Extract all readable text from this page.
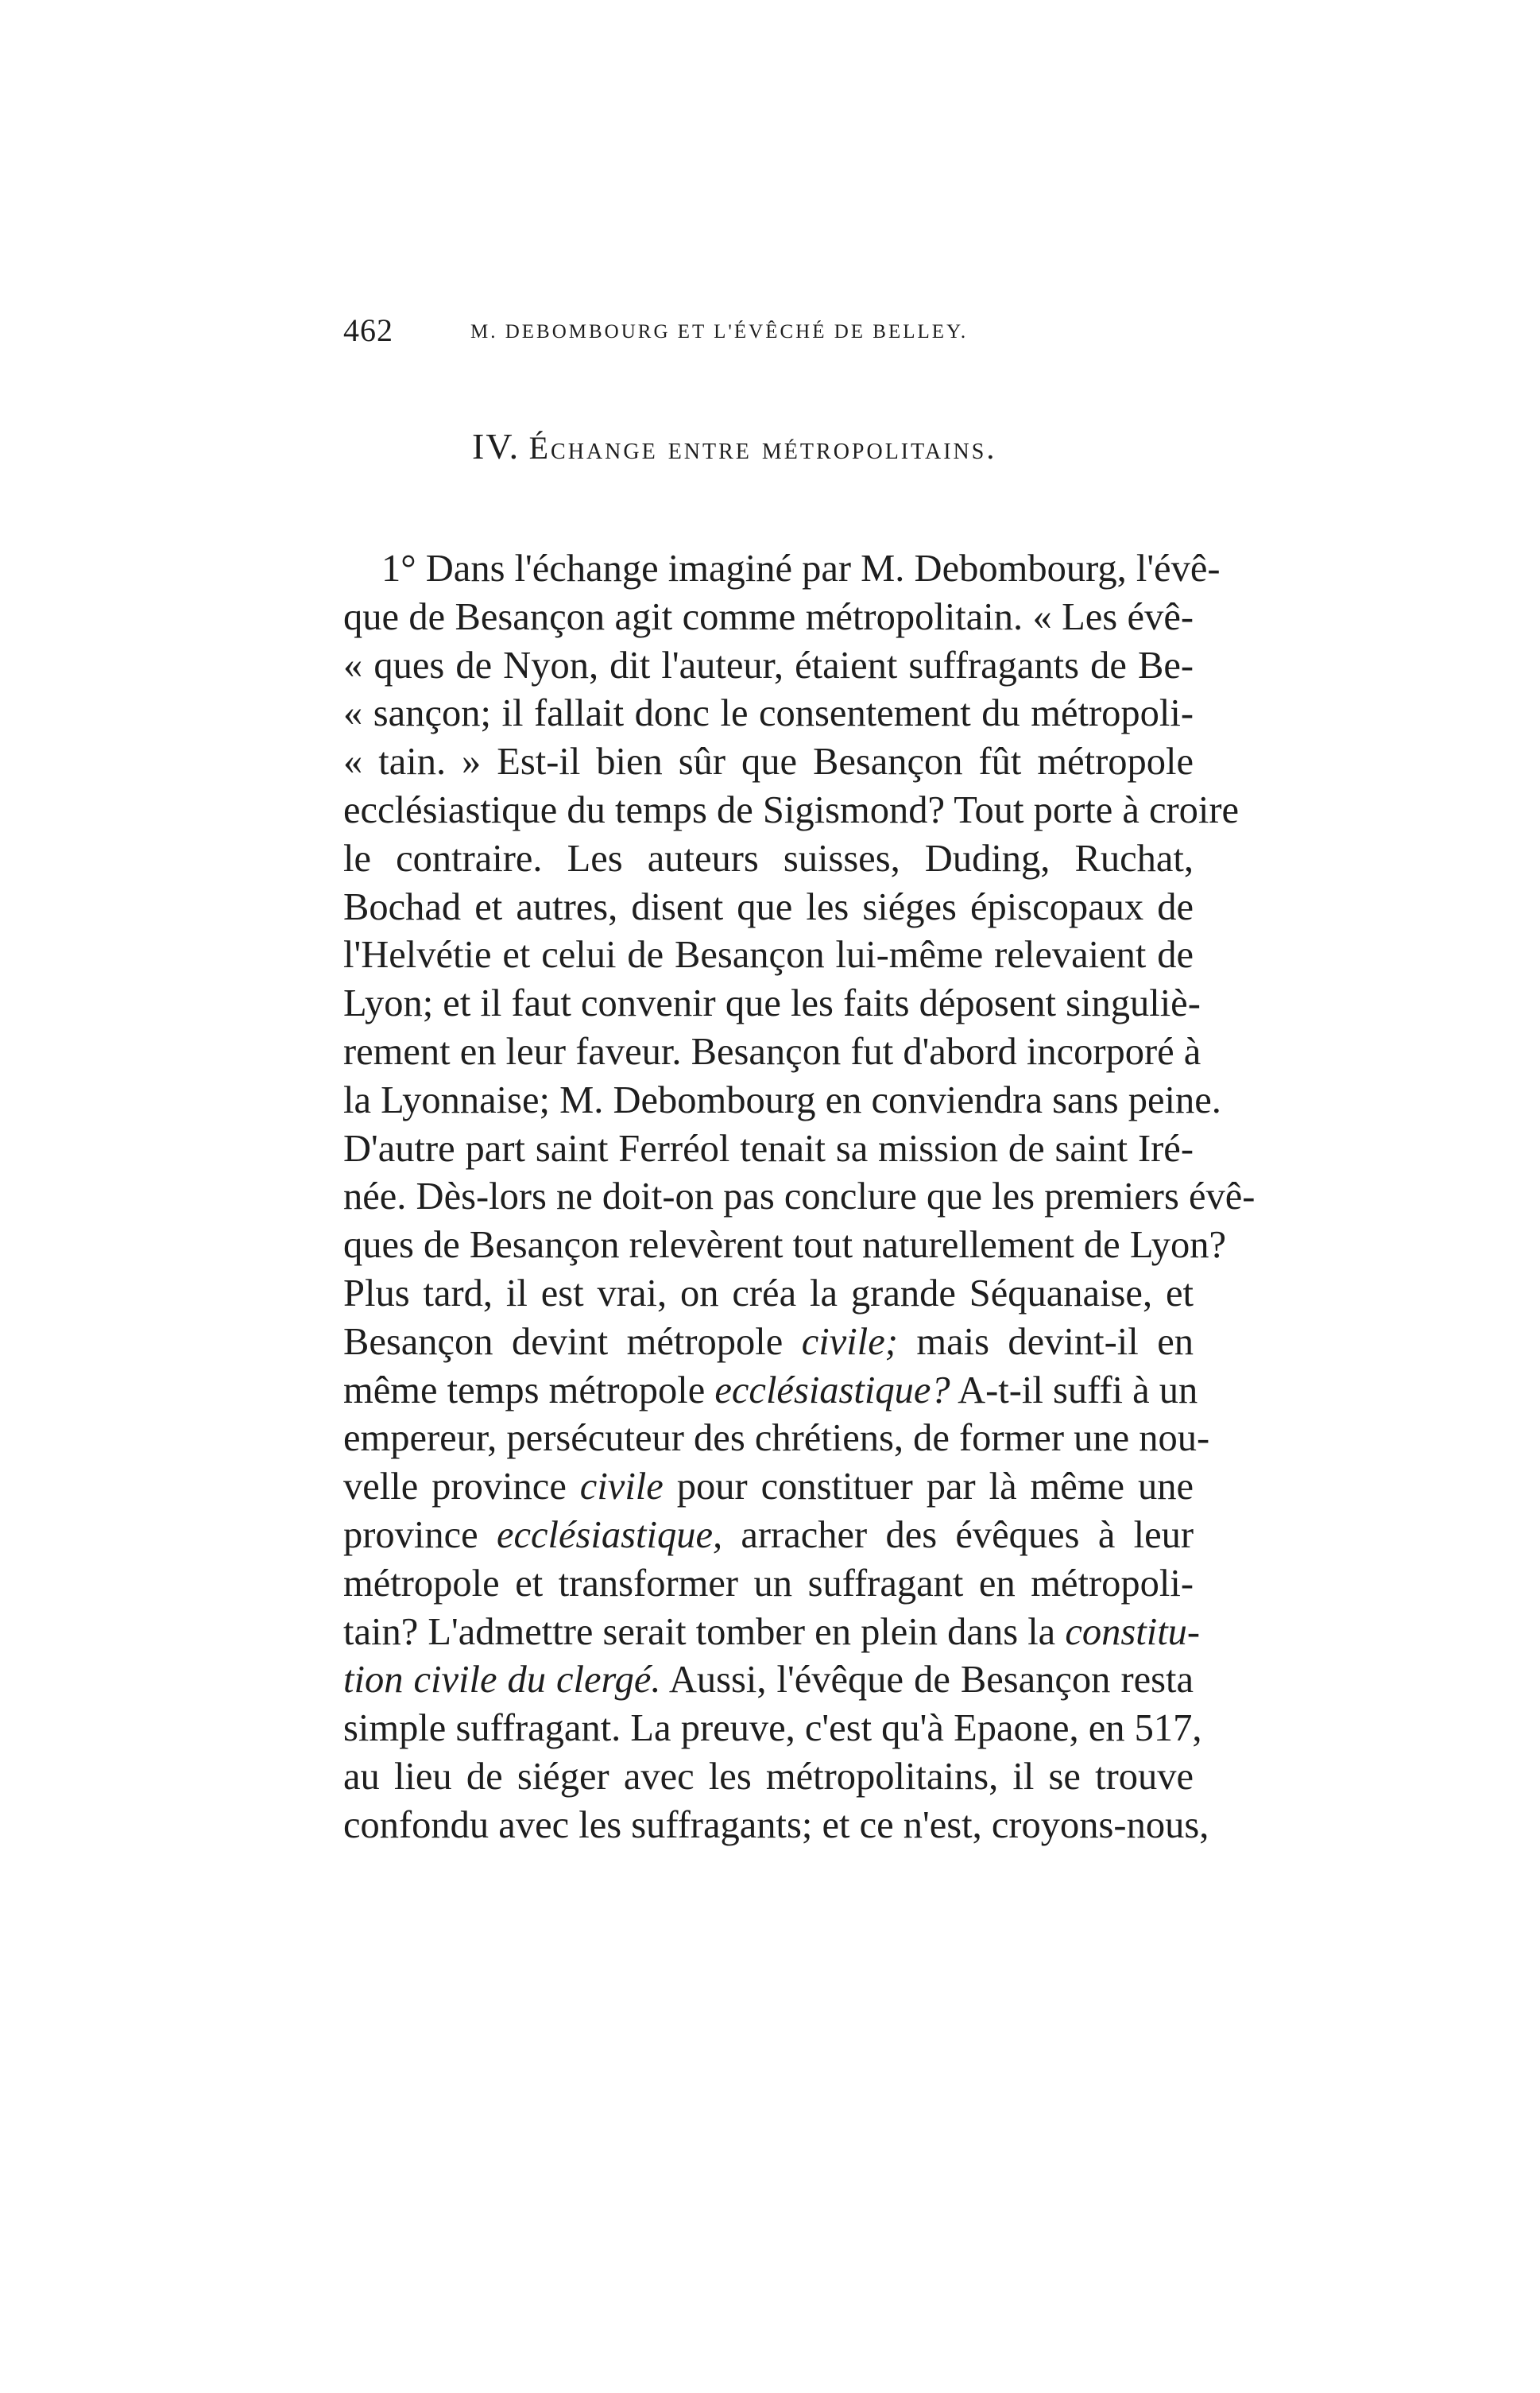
462	M. DEBOMBOURG ET L'ÉVÊCHÉ DE BELLEY.
IV. Échange entre métropolitains.
1° Dans l'échange imaginé par M. Debombourg, l'évê-
que de Besançon agit comme métropolitain. « Les évê-
« ques de Nyon, dit l'auteur, étaient suffragants de Be-
« sançon; il fallait donc le consentement du métropoli-
« tain. » Est-il bien sûr que Besançon fût métropole
ecclésiastique du temps de Sigismond? Tout porte à croire
le contraire. Les auteurs suisses, Duding, Ruchat,
Bochad et autres, disent que les siéges épiscopaux de
l'Helvétie et celui de Besançon lui-même relevaient de
Lyon; et il faut convenir que les faits déposent singuliè-
rement en leur faveur. Besançon fut d'abord incorporé à
la Lyonnaise; M. Debombourg en conviendra sans peine.
D'autre part saint Ferréol tenait sa mission de saint Iré-
née. Dès-lors ne doit-on pas conclure que les premiers évê-
ques de Besançon relevèrent tout naturellement de Lyon?
Plus tard, il est vrai, on créa la grande Séquanaise, et
Besançon devint métropole civile; mais devint-il en
même temps métropole ecclésiastique? A-t-il suffi à un
empereur, persécuteur des chrétiens, de former une nou-
velle province civile pour constituer par là même une
province ecclésiastique, arracher des évêques à leur
métropole et transformer un suffragant en métropoli-
tain? L'admettre serait tomber en plein dans la constitu-
tion civile du clergé. Aussi, l'évêque de Besançon resta
simple suffragant. La preuve, c'est qu'à Epaone, en 517,
au lieu de siéger avec les métropolitains, il se trouve
confondu avec les suffragants; et ce n'est, croyons-nous,
